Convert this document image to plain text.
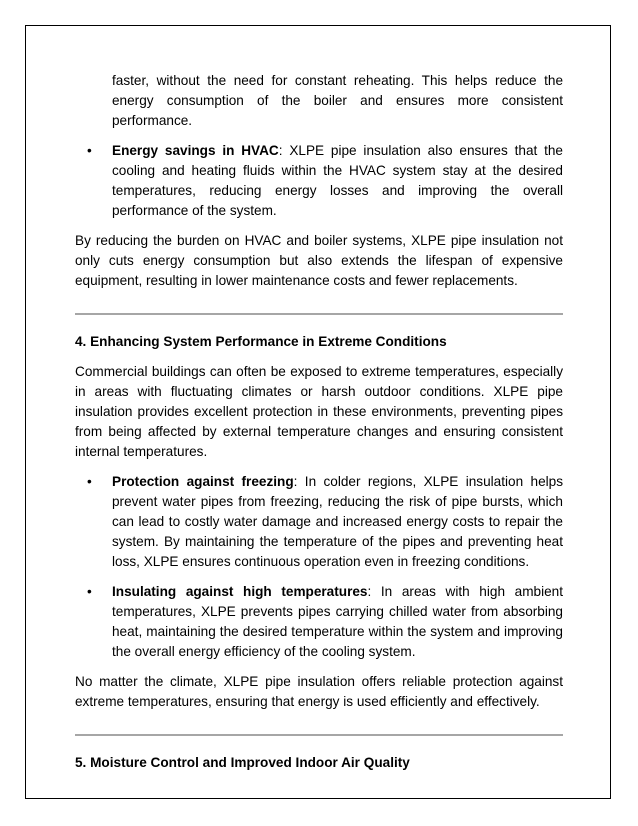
faster, without the need for constant reheating. This helps reduce the energy consumption of the boiler and ensures more consistent performance.

• Energy savings in HVAC: XLPE pipe insulation also ensures that the cooling and heating fluids within the HVAC system stay at the desired temperatures, reducing energy losses and improving the overall performance of the system.

By reducing the burden on HVAC and boiler systems, XLPE pipe insulation not only cuts energy consumption but also extends the lifespan of expensive equipment, resulting in lower maintenance costs and fewer replacements.

4. Enhancing System Performance in Extreme Conditions

Commercial buildings can often be exposed to extreme temperatures, especially in areas with fluctuating climates or harsh outdoor conditions. XLPE pipe insulation provides excellent protection in these environments, preventing pipes from being affected by external temperature changes and ensuring consistent internal temperatures.

• Protection against freezing: In colder regions, XLPE insulation helps prevent water pipes from freezing, reducing the risk of pipe bursts, which can lead to costly water damage and increased energy costs to repair the system. By maintaining the temperature of the pipes and preventing heat loss, XLPE ensures continuous operation even in freezing conditions.
• Insulating against high temperatures: In areas with high ambient temperatures, XLPE prevents pipes carrying chilled water from absorbing heat, maintaining the desired temperature within the system and improving the overall energy efficiency of the cooling system.

No matter the climate, XLPE pipe insulation offers reliable protection against extreme temperatures, ensuring that energy is used efficiently and effectively.

5. Moisture Control and Improved Indoor Air Quality
